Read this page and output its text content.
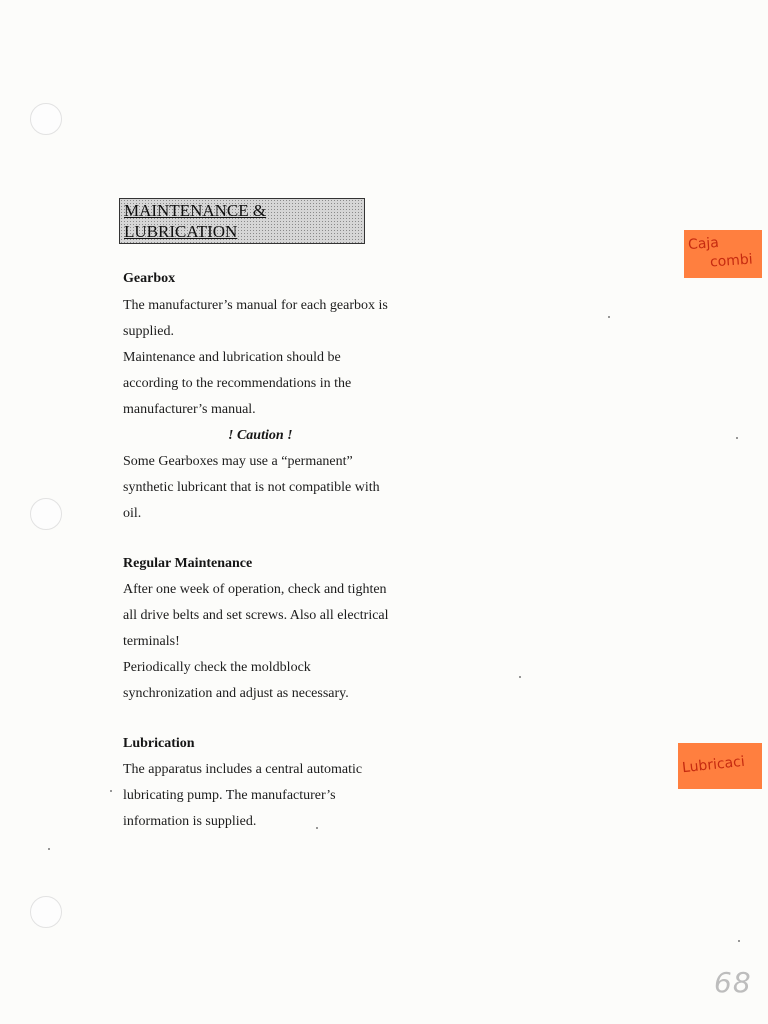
MAINTENANCE &
LUBRICATION
Gearbox
The manufacturer’s manual for each gearbox is
supplied.
Maintenance and lubrication should be
according to the recommendations in the
manufacturer’s manual.
! Caution !
Some Gearboxes may use a “permanent”
synthetic lubricant that is not compatible with
oil.
Regular Maintenance
After one week of operation, check and tighten
all drive belts and set screws. Also all electrical
terminals!
Periodically check the moldblock
synchronization and adjust as necessary.
Lubrication
The apparatus includes a central automatic
lubricating pump. The manufacturer’s
information is supplied.
Caja
combi
Lubricaci
68
